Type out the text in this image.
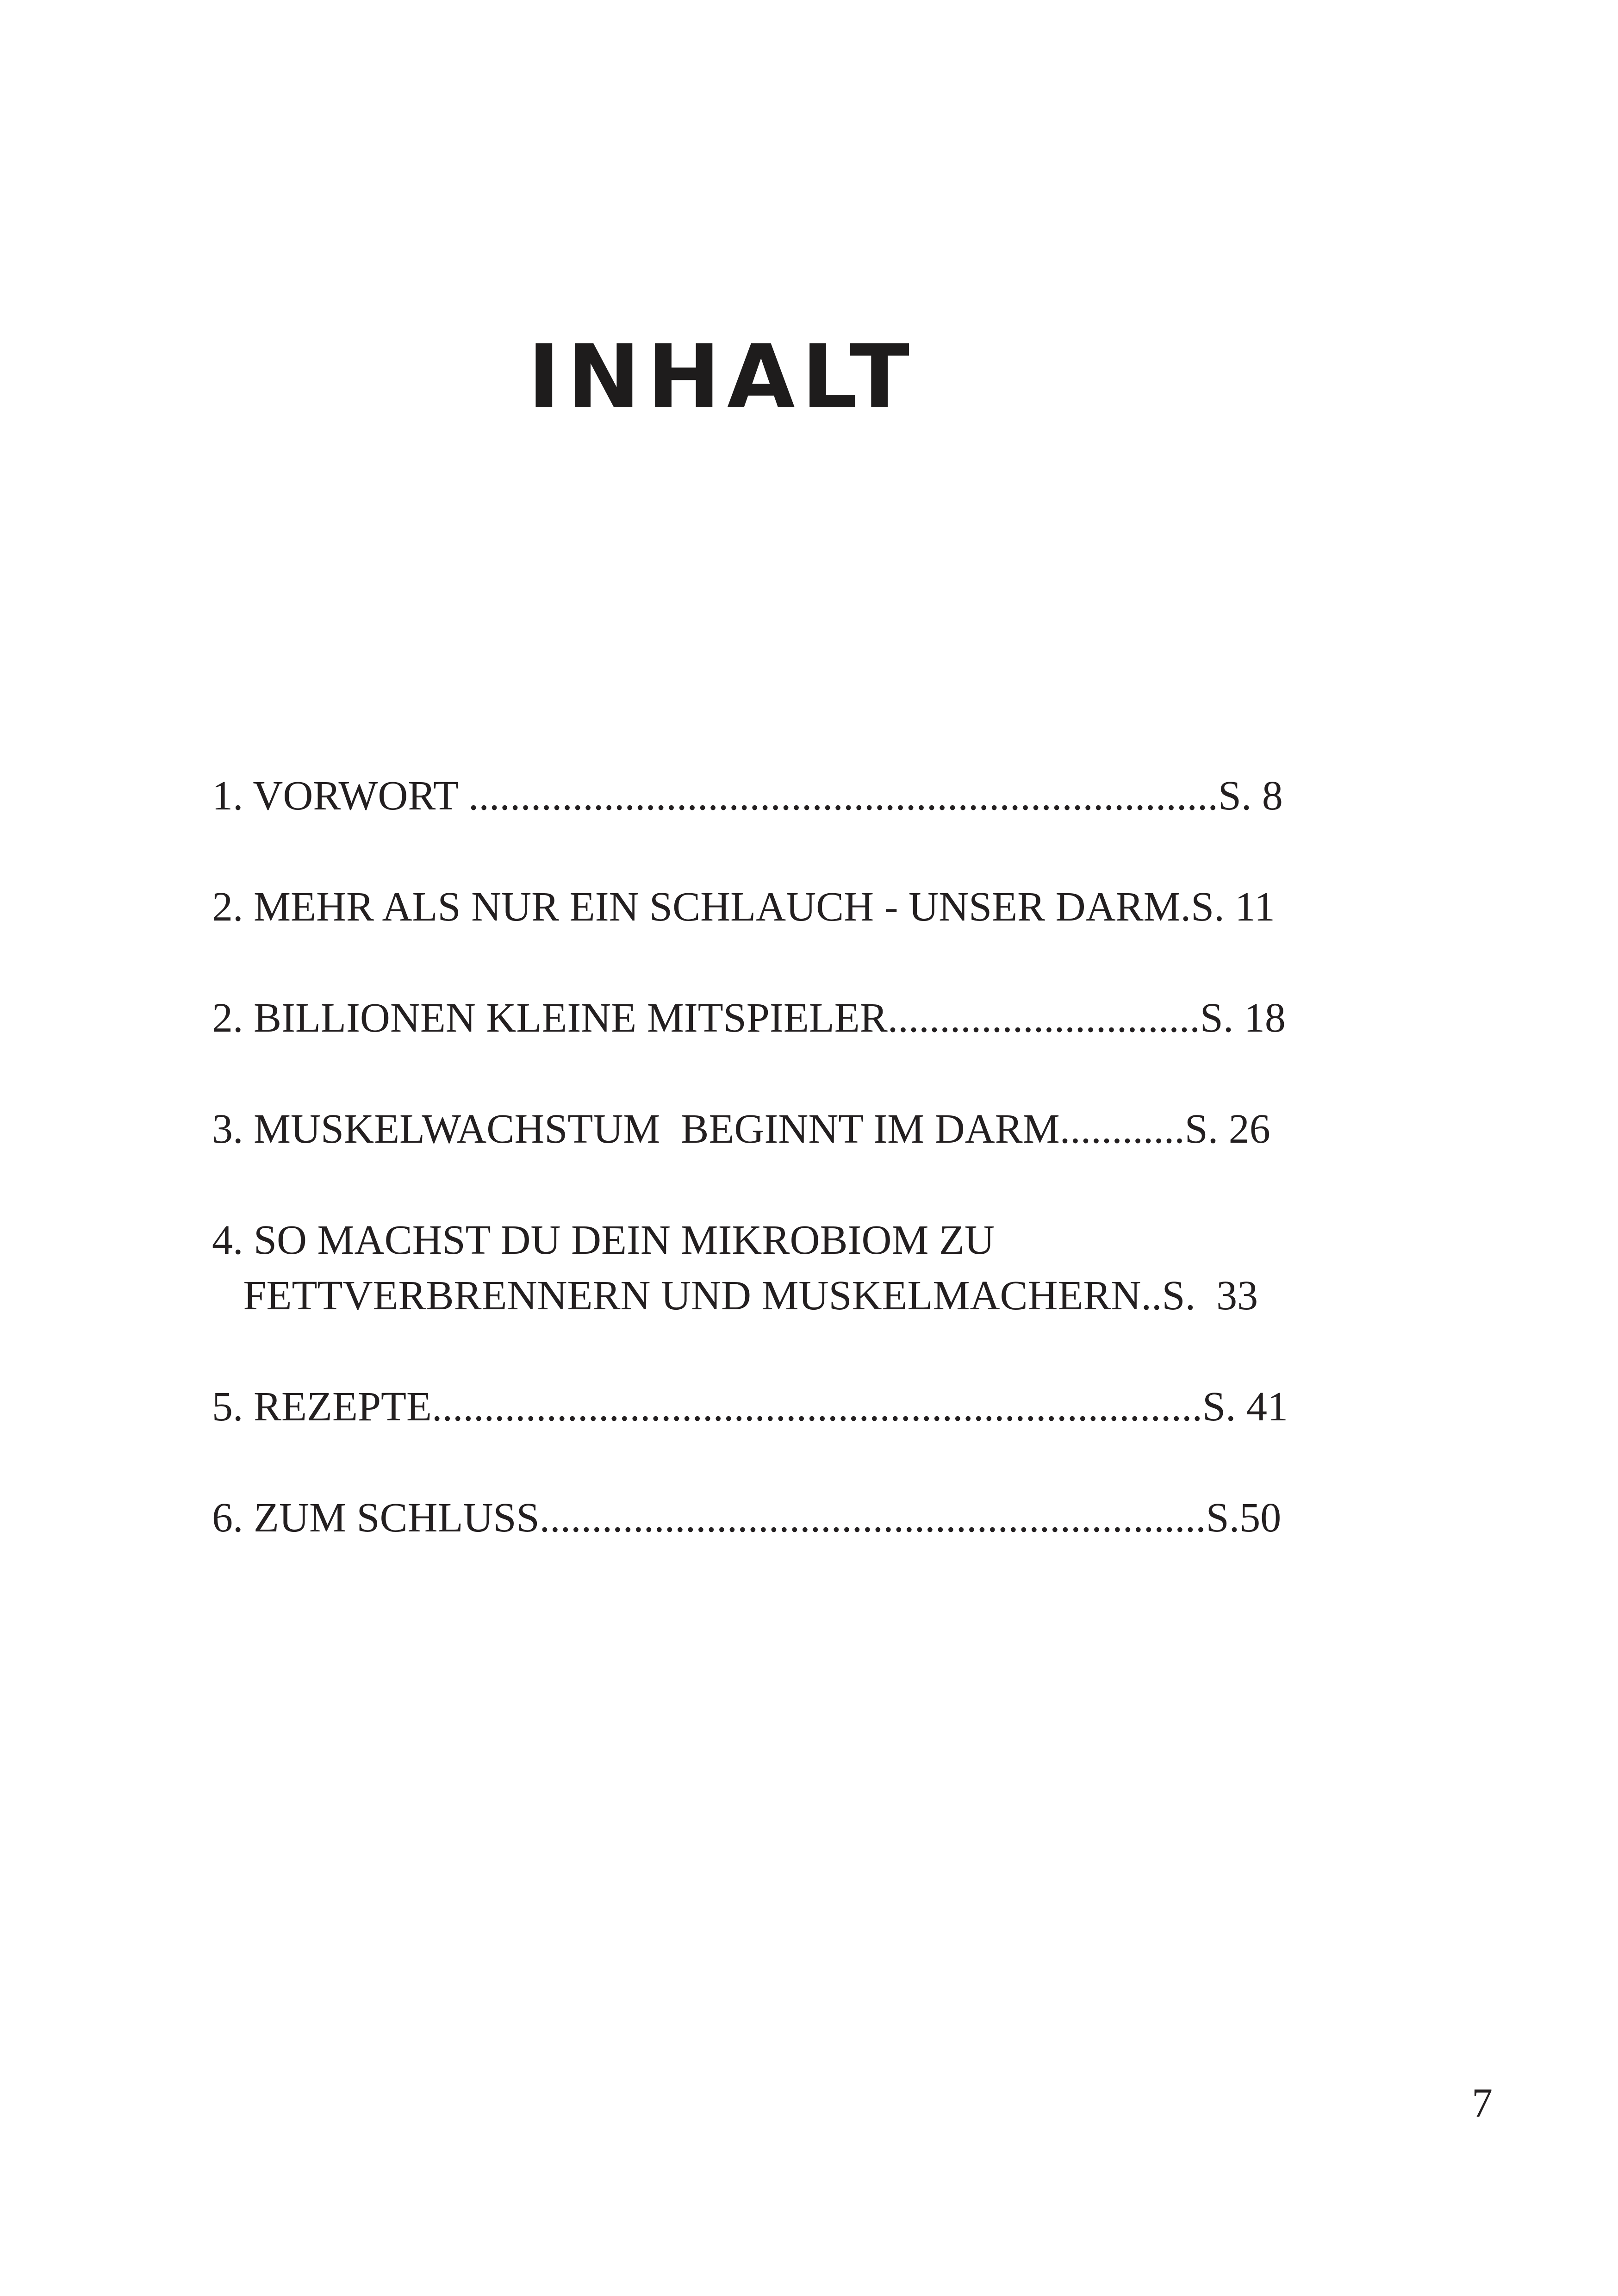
INHALT
1. VORWORT ........................................................................S. 8
2. MEHR ALS NUR EIN SCHLAUCH - UNSER DARM.S. 11
2. BILLIONEN KLEINE MITSPIELER..............................S. 18
3. MUSKELWACHSTUM  BEGINNT IM DARM............S. 26
4. SO MACHST DU DEIN MIKROBIOM ZU
FETTVERBRENNERN UND MUSKELMACHERN..S.  33
5. REZEPTE..........................................................................S. 41
6. ZUM SCHLUSS................................................................S.50
7
